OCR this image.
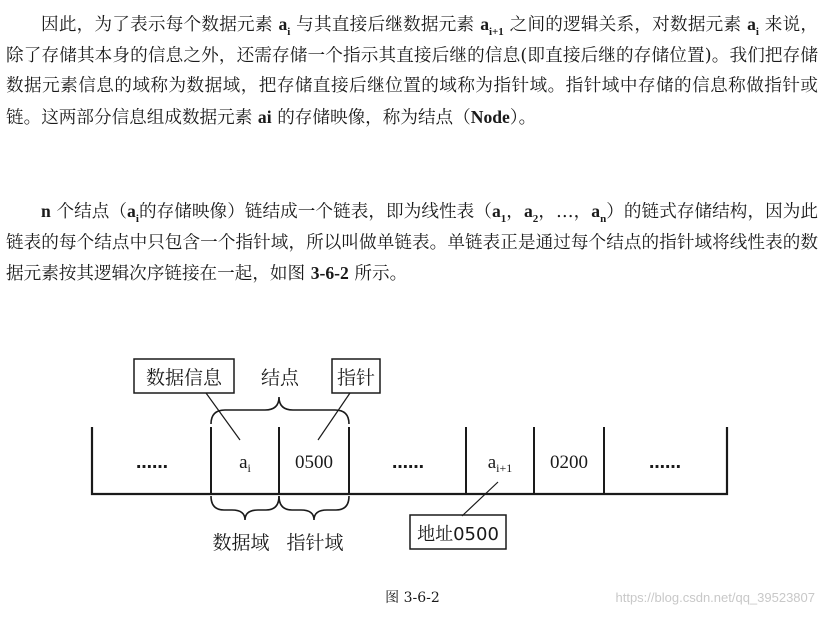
因此，为了表示每个数据元素 $a_i$ 与其直接后继数据元素 $a_{i+1}$ 之间的逻辑关系，对数据元素 $a_i$ 来说，除了存储其本身的信息之外，还需存储一个指示其直接后继的信息(即直接后继的存储位置)。我们把存储数据元素信息的域称为数据域，把存储直接后继位置的域称为指针域。指针域中存储的信息称做指针或链。这两部分信息组成数据元素 ai 的存储映像，称为结点（Node）。

n 个结点（$a_i$的存储映像）链结成一个链表，即为线性表（$a_1$，$a_2$，…，$a_n$）的链式存储结构，因为此链表的每个结点中只包含一个指针域，所以叫做单链表。单链表正是通过每个结点的指针域将线性表的数据元素按其逻辑次序链接在一起，如图 3-6-2 所示。

数据信息 结点 指针
……	$a_i$ 0500	……	$a_{i+1}$ 0200	……
数据域 指针域	地址0500
图 3-6-2	https://blog.csdn.net/qq_39523807
